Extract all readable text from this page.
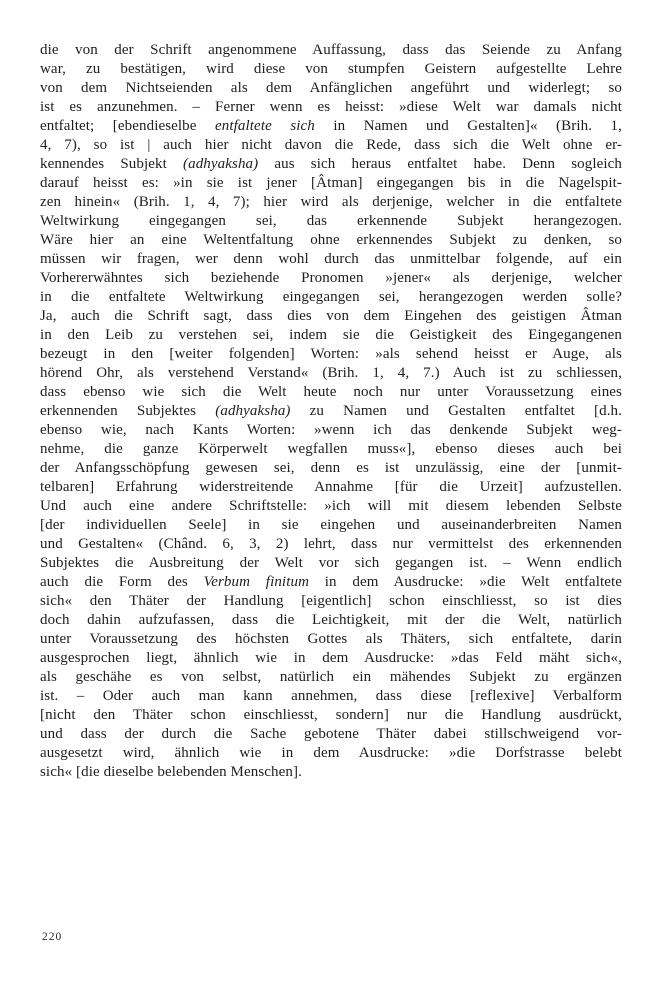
die von der Schrift angenommene Auffassung, dass das Seiende zu Anfang
war, zu bestätigen, wird diese von stumpfen Geistern aufgestellte Lehre
von dem Nichtseienden als dem Anfänglichen angeführt und widerlegt; so
ist es anzunehmen. – Ferner wenn es heisst: »diese Welt war damals nicht
entfaltet; [ebendieselbe entfaltete sich in Namen und Gestalten]« (Brih. 1,
4, 7), so ist | auch hier nicht davon die Rede, dass sich die Welt ohne er-
kennendes Subjekt (adhyaksha) aus sich heraus entfaltet habe. Denn sogleich
darauf heisst es: »in sie ist jener [Âtman] eingegangen bis in die Nagelspit-
zen hinein« (Brih. 1, 4, 7); hier wird als derjenige, welcher in die entfaltete
Weltwirkung eingegangen sei, das erkennende Subjekt herangezogen.
Wäre hier an eine Weltentfaltung ohne erkennendes Subjekt zu denken, so
müssen wir fragen, wer denn wohl durch das unmittelbar folgende, auf ein
Vorhererwähntes sich beziehende Pronomen »jener« als derjenige, welcher
in die entfaltete Weltwirkung eingegangen sei, herangezogen werden solle?
Ja, auch die Schrift sagt, dass dies von dem Eingehen des geistigen Âtman
in den Leib zu verstehen sei, indem sie die Geistigkeit des Eingegangenen
bezeugt in den [weiter folgenden] Worten: »als sehend heisst er Auge, als
hörend Ohr, als verstehend Verstand« (Brih. 1, 4, 7.) Auch ist zu schliessen,
dass ebenso wie sich die Welt heute noch nur unter Voraussetzung eines
erkennenden Subjektes (adhyaksha) zu Namen und Gestalten entfaltet [d.h.
ebenso wie, nach Kants Worten: »wenn ich das denkende Subjekt weg-
nehme, die ganze Körperwelt wegfallen muss«], ebenso dieses auch bei
der Anfangsschöpfung gewesen sei, denn es ist unzulässig, eine der [unmit-
telbaren] Erfahrung widerstreitende Annahme [für die Urzeit] aufzustellen.
Und auch eine andere Schriftstelle: »ich will mit diesem lebenden Selbste
[der individuellen Seele] in sie eingehen und auseinanderbreiten Namen
und Gestalten« (Chând. 6, 3, 2) lehrt, dass nur vermittelst des erkennenden
Subjektes die Ausbreitung der Welt vor sich gegangen ist. – Wenn endlich
auch die Form des Verbum finitum in dem Ausdrucke: »die Welt entfaltete
sich« den Thäter der Handlung [eigentlich] schon einschliesst, so ist dies
doch dahin aufzufassen, dass die Leichtigkeit, mit der die Welt, natürlich
unter Voraussetzung des höchsten Gottes als Thäters, sich entfaltete, darin
ausgesprochen liegt, ähnlich wie in dem Ausdrucke: »das Feld mäht sich«,
als geschähe es von selbst, natürlich ein mähendes Subjekt zu ergänzen
ist. – Oder auch man kann annehmen, dass diese [reflexive] Verbalform
[nicht den Thäter schon einschliesst, sondern] nur die Handlung ausdrückt,
und dass der durch die Sache gebotene Thäter dabei stillschweigend vor-
ausgesetzt wird, ähnlich wie in dem Ausdrucke: »die Dorfstrasse belebt
sich« [die dieselbe belebenden Menschen].
220
